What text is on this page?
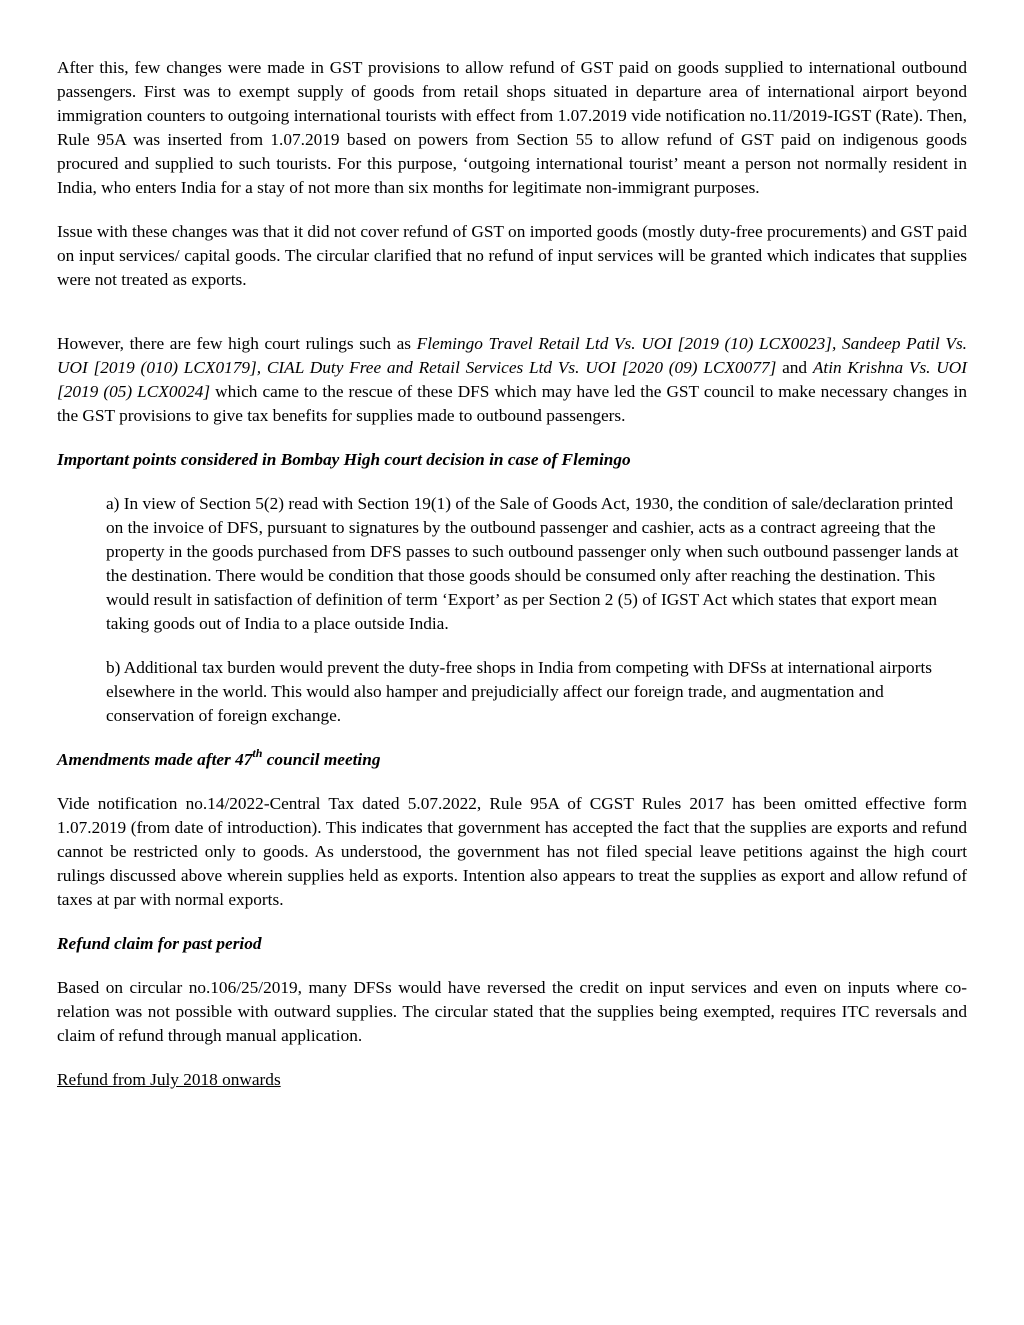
After this, few changes were made in GST provisions to allow refund of GST paid on goods supplied to international outbound passengers. First was to exempt supply of goods from retail shops situated in departure area of international airport beyond immigration counters to outgoing international tourists with effect from 1.07.2019 vide notification no.11/2019-IGST (Rate). Then, Rule 95A was inserted from 1.07.2019 based on powers from Section 55 to allow refund of GST paid on indigenous goods procured and supplied to such tourists. For this purpose, ‘outgoing international tourist’ meant a person not normally resident in India, who enters India for a stay of not more than six months for legitimate non-immigrant purposes.

Issue with these changes was that it did not cover refund of GST on imported goods (mostly duty-free procurements) and GST paid on input services/ capital goods. The circular clarified that no refund of input services will be granted which indicates that supplies were not treated as exports.

However, there are few high court rulings such as Flemingo Travel Retail Ltd Vs. UOI [2019 (10) LCX0023], Sandeep Patil Vs. UOI [2019 (010) LCX0179], CIAL Duty Free and Retail Services Ltd Vs. UOI [2020 (09) LCX0077] and Atin Krishna Vs. UOI [2019 (05) LCX0024] which came to the rescue of these DFS which may have led the GST council to make necessary changes in the GST provisions to give tax benefits for supplies made to outbound passengers.

Important points considered in Bombay High court decision in case of Flemingo

a) In view of Section 5(2) read with Section 19(1) of the Sale of Goods Act, 1930, the condition of sale/declaration printed on the invoice of DFS, pursuant to signatures by the outbound passenger and cashier, acts as a contract agreeing that the property in the goods purchased from DFS passes to such outbound passenger only when such outbound passenger lands at the destination. There would be condition that those goods should be consumed only after reaching the destination. This would result in satisfaction of definition of term ‘Export’ as per Section 2 (5) of IGST Act which states that export mean taking goods out of India to a place outside India.

b) Additional tax burden would prevent the duty-free shops in India from competing with DFSs at international airports elsewhere in the world. This would also hamper and prejudicially affect our foreign trade, and augmentation and conservation of foreign exchange.

Amendments made after 47th council meeting

Vide notification no.14/2022-Central Tax dated 5.07.2022, Rule 95A of CGST Rules 2017 has been omitted effective form 1.07.2019 (from date of introduction). This indicates that government has accepted the fact that the supplies are exports and refund cannot be restricted only to goods. As understood, the government has not filed special leave petitions against the high court rulings discussed above wherein supplies held as exports. Intention also appears to treat the supplies as export and allow refund of taxes at par with normal exports.

Refund claim for past period

Based on circular no.106/25/2019, many DFSs would have reversed the credit on input services and even on inputs where co-relation was not possible with outward supplies. The circular stated that the supplies being exempted, requires ITC reversals and claim of refund through manual application.

Refund from July 2018 onwards
